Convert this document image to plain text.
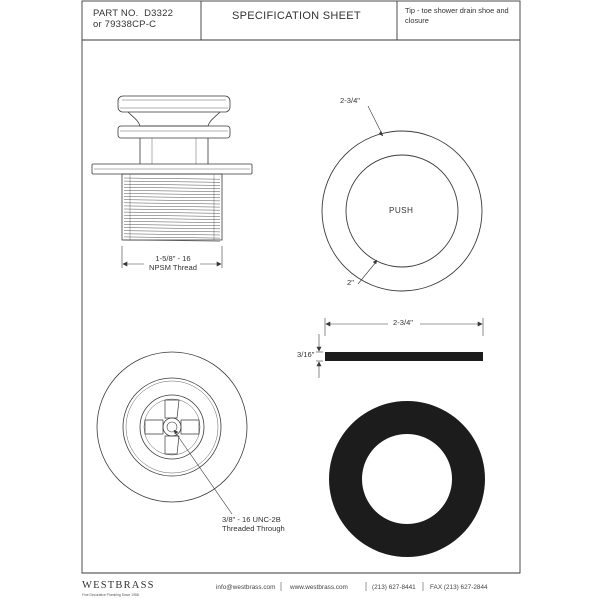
PART NO. D3322
or 79338CP-C
SPECIFICATION SHEET	Tip - toe shower drain shoe and closure
1-5/8" - 16
NPSM Thread
2-3/4"
PUSH
2"
2-3/4"
3/16"
3/8" - 16 UNC-2B
Threaded Through
WESTBRASS
Fine Decorative Plumbing Since 1958
info@westbrass.com www.westbrass.com	(213) 627-8441 FAX (213) 627-2844
